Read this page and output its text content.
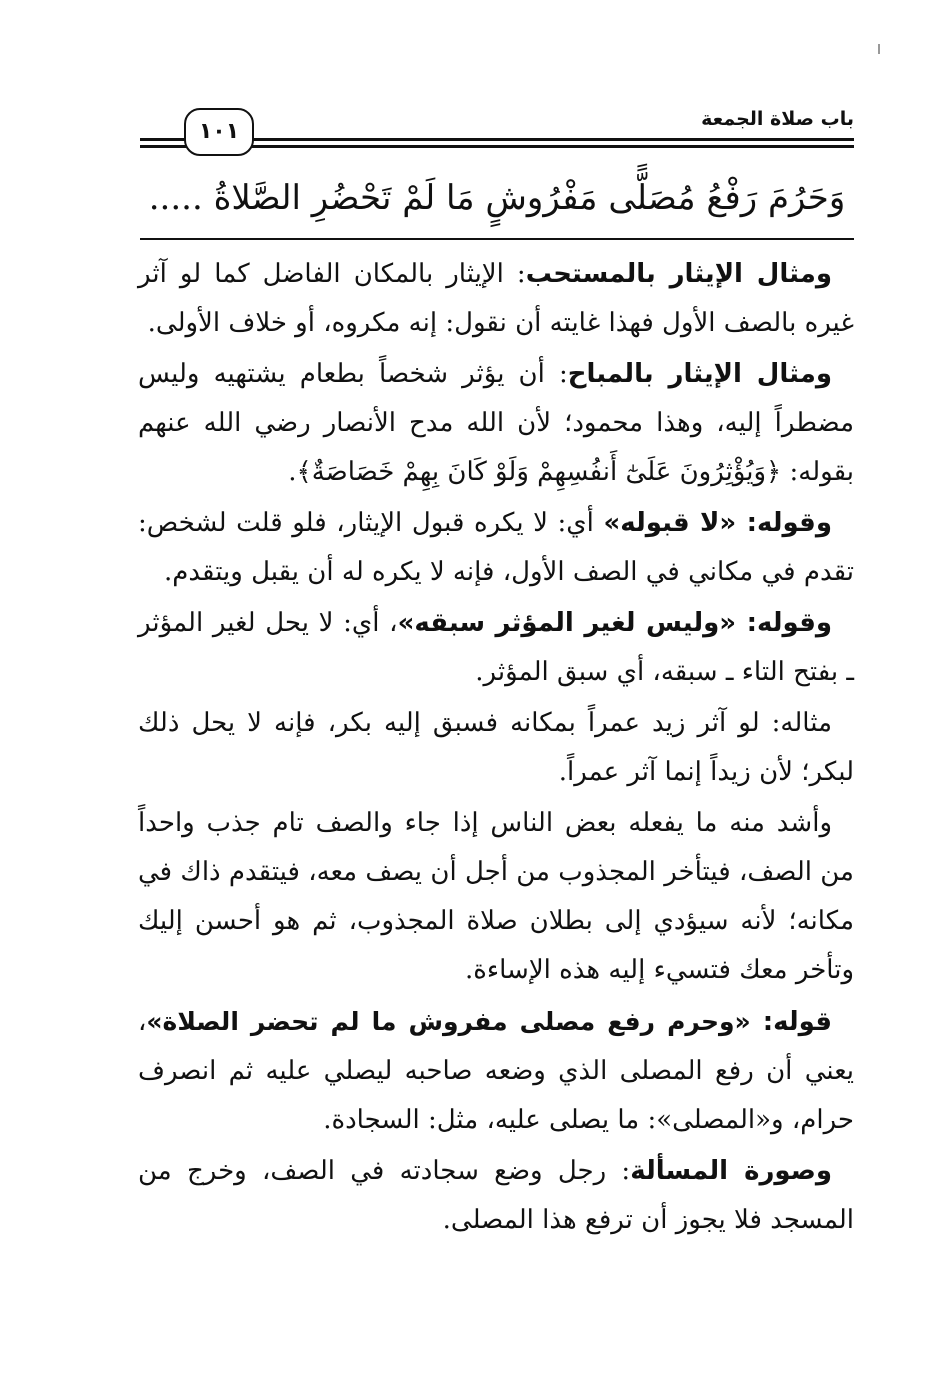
باب صلاة الجمعة
١٠١
وَحَرُمَ رَفْعُ مُصَلًّى مَفْرُوشٍ مَا لَمْ تَحْضُرِ الصَّلاةُ .....

ومثال الإيثار بالمستحب: الإيثار بالمكان الفاضل كما لو آثر غيره بالصف الأول فهذا غايته أن نقول: إنه مكروه، أو خلاف الأولى.

ومثال الإيثار بالمباح: أن يؤثر شخصاً بطعام يشتهيه وليس مضطراً إليه، وهذا محمود؛ لأن الله مدح الأنصار رضي الله عنهم بقوله: ﴿وَيُؤْثِرُونَ عَلَىٰٓ أَنفُسِهِمْ وَلَوْ كَانَ بِهِمْ خَصَاصَةٌ﴾.

وقوله: «لا قبوله» أي: لا يكره قبول الإيثار، فلو قلت لشخص: تقدم في مكاني في الصف الأول، فإنه لا يكره له أن يقبل ويتقدم.

وقوله: «وليس لغير المؤثر سبقه»، أي: لا يحل لغير المؤثر ـ بفتح التاء ـ سبقه، أي سبق المؤثر.

مثاله: لو آثر زيد عمراً بمكانه فسبق إليه بكر، فإنه لا يحل ذلك لبكر؛ لأن زيداً إنما آثر عمراً.

وأشد منه ما يفعله بعض الناس إذا جاء والصف تام جذب واحداً من الصف، فيتأخر المجذوب من أجل أن يصف معه، فيتقدم ذاك في مكانه؛ لأنه سيؤدي إلى بطلان صلاة المجذوب، ثم هو أحسن إليك وتأخر معك فتسيء إليه هذه الإساءة.

قوله: «وحرم رفع مصلى مفروش ما لم تحضر الصلاة»، يعني أن رفع المصلى الذي وضعه صاحبه ليصلي عليه ثم انصرف حرام، و«المصلى»: ما يصلى عليه، مثل: السجادة.

وصورة المسألة: رجل وضع سجادته في الصف، وخرج من المسجد فلا يجوز أن ترفع هذا المصلى.
